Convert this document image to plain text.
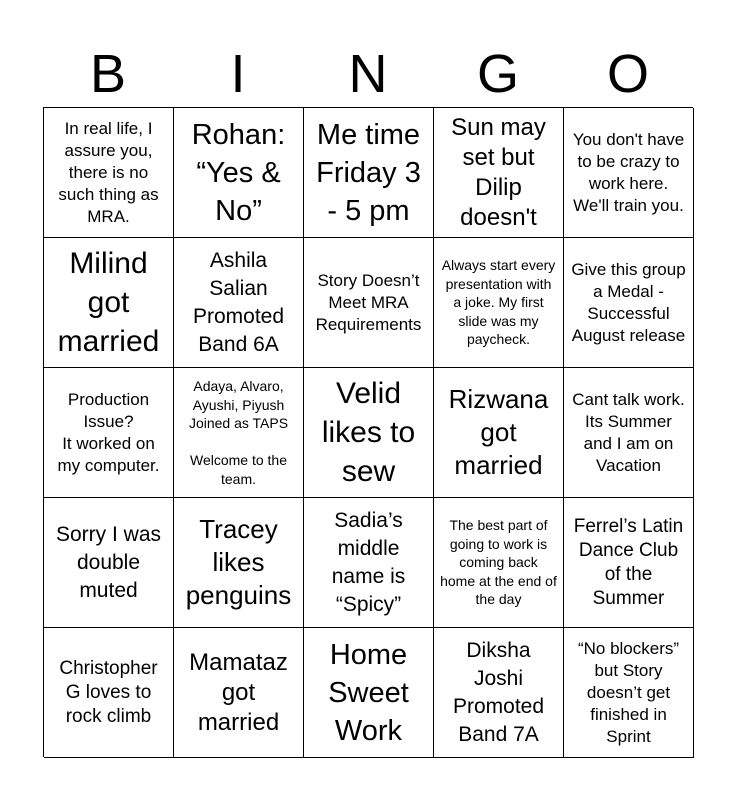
B	I	N	G	O
In real life, I assure you, there is no such thing as MRA.
Rohan: “Yes & No”
Me time Friday 3 - 5 pm
Sun may set but Dilip doesn't
You don't have to be crazy to work here. We'll train you.
Milind got married
Ashila Salian Promoted Band 6A
Story Doesn’t Meet MRA Requirements
Always start every presentation with a joke. My first slide was my paycheck.
Give this group a Medal - Successful August release
Production Issue?
It worked on my computer.
Adaya, Alvaro, Ayushi, Piyush Joined as TAPS

Welcome to the team.
Velid likes to sew
Rizwana got married
Cant talk work.
Its Summer and I am on Vacation
Sorry I was double muted
Tracey likes penguins
Sadia’s middle name is “Spicy”
The best part of going to work is coming back home at the end of the day
Ferrel’s Latin Dance Club of the Summer
Christopher G loves to rock climb
Mamataz got married
Home Sweet Work
Diksha Joshi Promoted Band 7A
“No blockers” but Story doesn’t get finished in Sprint
